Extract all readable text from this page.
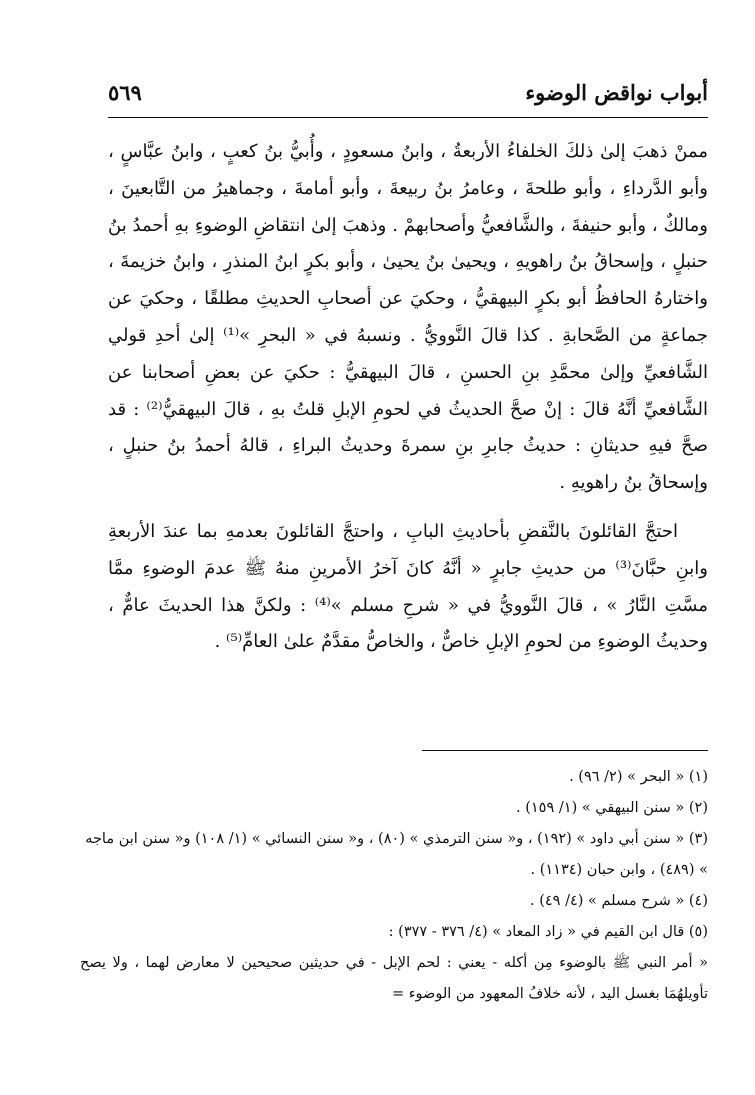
أبواب نواقض الوضوء
٥٦٩

ممنْ ذهبَ إلىٰ ذلكَ الخلفاءُ الأربعةُ ، وابنُ مسعودٍ ، وأُبيُّ بنُ كعبٍ ، وابنُ عبَّاسٍ ، وأبو الدَّرداءِ ، وأبو طلحةَ ، وعامرُ بنُ ربيعةَ ، وأبو أمامةَ ، وجماهيرُ من التَّابعينَ ، ومالكٌ ، وأبو حنيفةَ ، والشَّافعيُّ وأصحابهمْ . وذهبَ إلىٰ انتقاضِ الوضوءِ بهِ أحمدُ بنُ حنبلٍ ، وإسحاقُ بنُ راهويهِ ، ويحيىٰ بنُ يحيىٰ ، وأبو بكرٍ ابنُ المنذرِ ، وابنُ خزيمةَ ، واختارهُ الحافظُ أبو بكرٍ البيهقيُّ ، وحكيَ عن أصحابِ الحديثِ مطلقًا ، وحكيَ عن جماعةٍ من الصَّحابةِ . كذا قالَ النَّوويُّ . ونسبهُ في « البحرِ »⁽¹⁾ إلىٰ أحدِ قولي الشَّافعيِّ وإلىٰ محمَّدِ بنِ الحسنِ ، قالَ البيهقيُّ : حكيَ عن بعضِ أصحابنا عن الشَّافعيِّ أنَّهُ قالَ : إنْ صحَّ الحديثُ في لحومِ الإبلِ قلتُ بهِ ، قالَ البيهقيُّ⁽²⁾ : قد صحَّ فيهِ حديثانِ : حديثُ جابرِ بنِ سمرةَ وحديثُ البراءِ ، قالهُ أحمدُ بنُ حنبلٍ ، وإسحاقُ بنُ راهويهِ .

احتجَّ القائلونَ بالنَّقضِ بأحاديثِ البابِ ، واحتجَّ القائلونَ بعدمهِ بما عندَ الأربعةِ وابنِ حبَّانَ⁽³⁾ من حديثِ جابرٍ « أنَّهُ كانَ آخرُ الأمرينِ منهُ ﷺ عدمَ الوضوءِ ممَّا مسَّتِ النَّارُ » ، قالَ النَّوويُّ في « شرحِ مسلم »⁽⁴⁾ : ولكنَّ هذا الحديثَ عامٌّ ، وحديثُ الوضوءِ من لحومِ الإبلِ خاصٌّ ، والخاصُّ مقدَّمٌ علىٰ العامِّ⁽⁵⁾ .

(١) « البحر » (٢/ ٩٦) .

(٢) « سنن البيهقي » (١/ ١٥٩) .

(٣) « سنن أبي داود » (١٩٢) ، و« سنن الترمذي » (٨٠) ، و« سنن النسائي » (١/ ١٠٨) و« سنن ابن ماجه » (٤٨٩) ، وابن حبان (١١٣٤) .

(٤) « شرح مسلم » (٤/ ٤٩) .

(٥) قال ابن القيم في « زاد المعاد » (٤/ ٣٧٦ - ٣٧٧) :

« أمر النبي ﷺ بالوضوء مِن أكله - يعني : لحم الإبل - في حديثين صحيحين لا معارض لهما ، ولا يصح تأويلهُمَا بغسل اليد ، لأنه خلافُ المعهود من الوضوء =
